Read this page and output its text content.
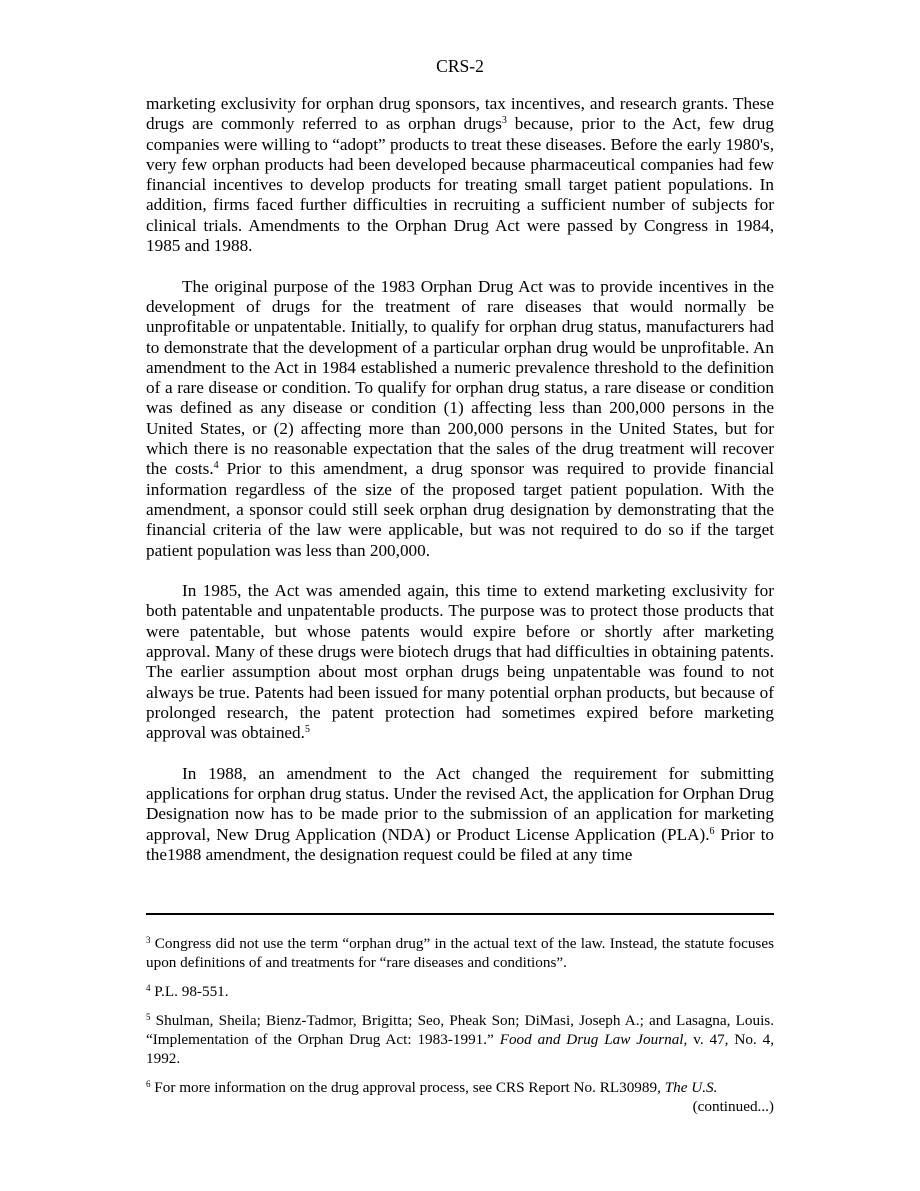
CRS-2

marketing exclusivity for orphan drug sponsors, tax incentives, and research grants. These drugs are commonly referred to as orphan drugs$^3$ because, prior to the Act, few drug companies were willing to “adopt” products to treat these diseases. Before the early 1980's, very few orphan products had been developed because pharmaceutical companies had few financial incentives to develop products for treating small target patient populations. In addition, firms faced further difficulties in recruiting a sufficient number of subjects for clinical trials. Amendments to the Orphan Drug Act were passed by Congress in 1984, 1985 and 1988.

The original purpose of the 1983 Orphan Drug Act was to provide incentives in the development of drugs for the treatment of rare diseases that would normally be unprofitable or unpatentable. Initially, to qualify for orphan drug status, manufacturers had to demonstrate that the development of a particular orphan drug would be unprofitable. An amendment to the Act in 1984 established a numeric prevalence threshold to the definition of a rare disease or condition. To qualify for orphan drug status, a rare disease or condition was defined as any disease or condition (1) affecting less than 200,000 persons in the United States, or (2) affecting more than 200,000 persons in the United States, but for which there is no reasonable expectation that the sales of the drug treatment will recover the costs.$^4$ Prior to this amendment, a drug sponsor was required to provide financial information regardless of the size of the proposed target patient population. With the amendment, a sponsor could still seek orphan drug designation by demonstrating that the financial criteria of the law were applicable, but was not required to do so if the target patient population was less than 200,000.

In 1985, the Act was amended again, this time to extend marketing exclusivity for both patentable and unpatentable products. The purpose was to protect those products that were patentable, but whose patents would expire before or shortly after marketing approval. Many of these drugs were biotech drugs that had difficulties in obtaining patents. The earlier assumption about most orphan drugs being unpatentable was found to not always be true. Patents had been issued for many potential orphan products, but because of prolonged research, the patent protection had sometimes expired before marketing approval was obtained.$^5$

In 1988, an amendment to the Act changed the requirement for submitting applications for orphan drug status. Under the revised Act, the application for Orphan Drug Designation now has to be made prior to the submission of an application for marketing approval, New Drug Application (NDA) or Product License Application (PLA).$^6$ Prior to the1988 amendment, the designation request could be filed at any time

$^3$ Congress did not use the term “orphan drug” in the actual text of the law. Instead, the statute focuses upon definitions of and treatments for “rare diseases and conditions”.

$^4$ P.L. 98-551.

$^5$ Shulman, Sheila; Bienz-Tadmor, Brigitta; Seo, Pheak Son; DiMasi, Joseph A.; and Lasagna, Louis. “Implementation of the Orphan Drug Act: 1983-1991.” Food and Drug Law Journal, v. 47, No. 4, 1992.

$^6$ For more information on the drug approval process, see CRS Report No. RL30989, The U.S.

(continued...)
